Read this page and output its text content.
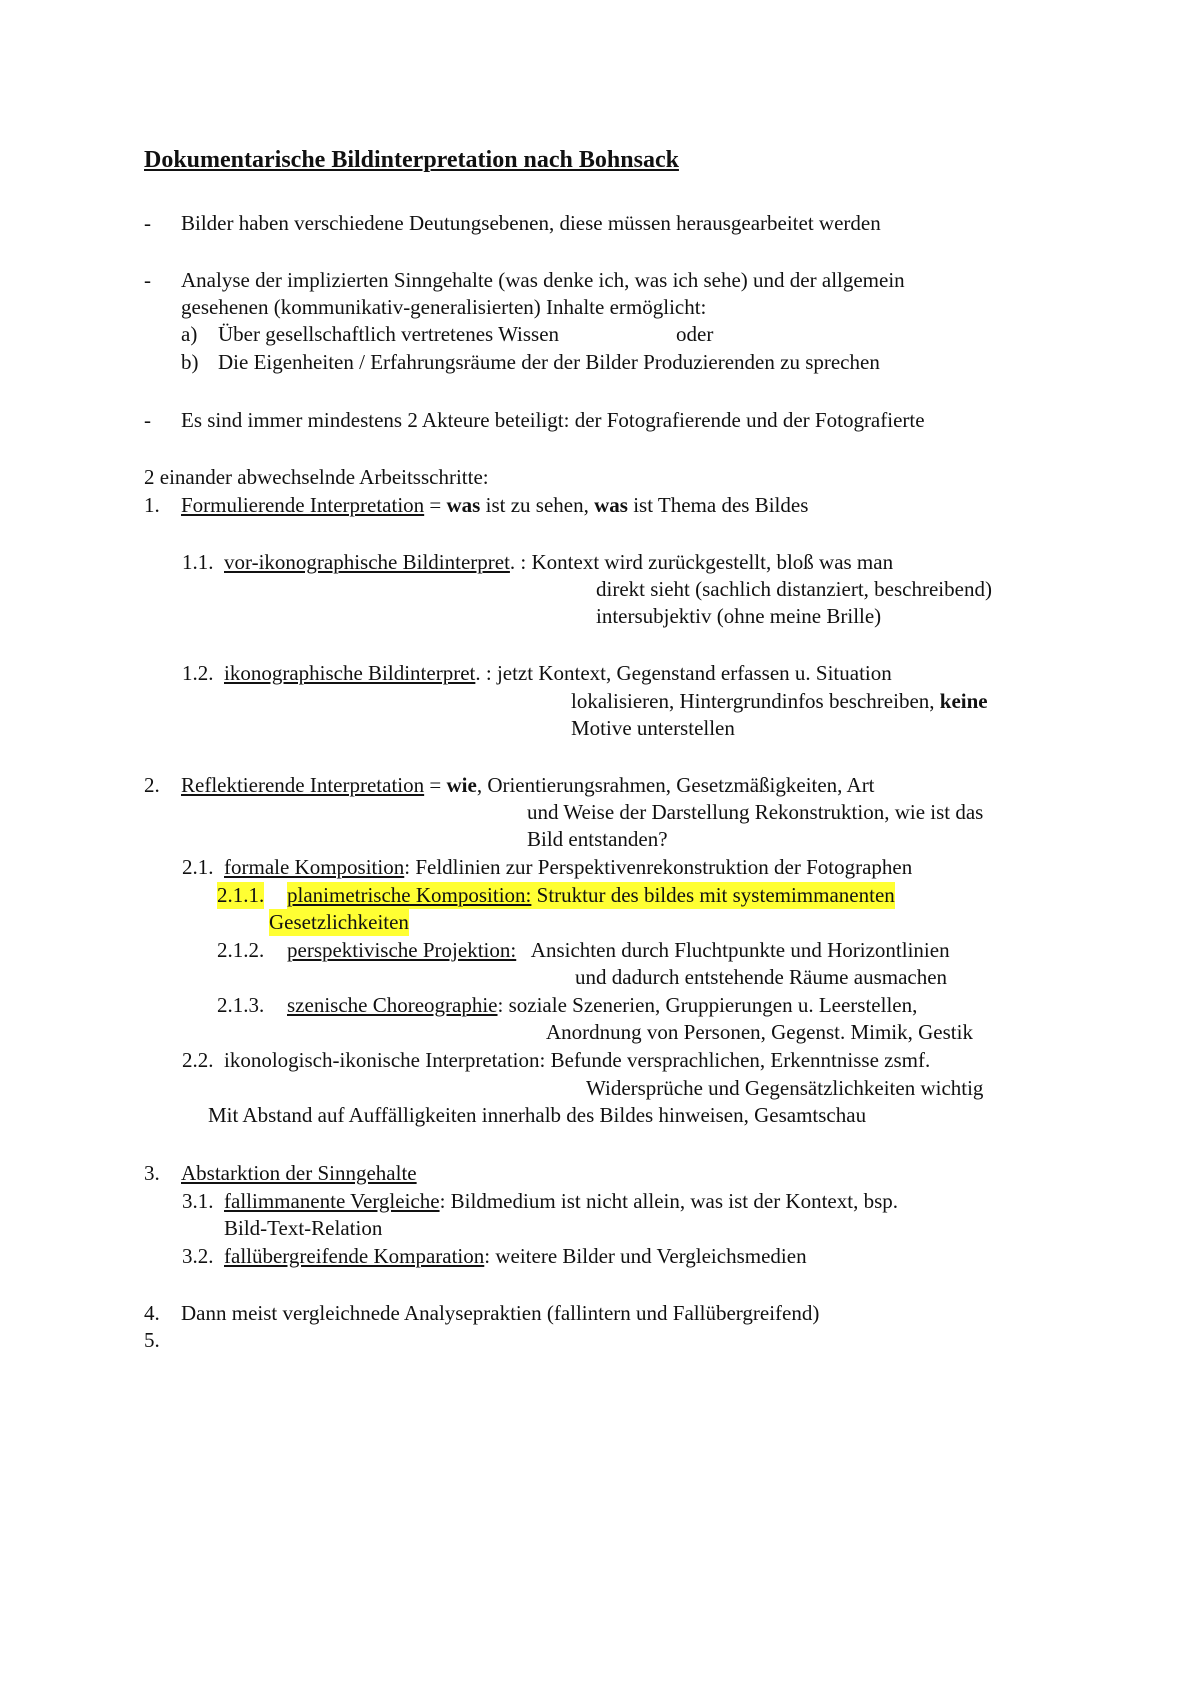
Dokumentarische Bildinterpretation nach Bohnsack
- Bilder haben verschiedene Deutungsebenen, diese müssen herausgearbeitet werden
- Analyse der implizierten Sinngehalte (was denke ich, was ich sehe) und der allgemein
gesehenen (kommunikativ-generalisierten) Inhalte ermöglicht:
a) Über gesellschaftlich vertretenes Wissen	oder
b) Die Eigenheiten / Erfahrungsräume der der Bilder Produzierenden zu sprechen
- Es sind immer mindestens 2 Akteure beteiligt: der Fotografierende und der Fotografierte
2 einander abwechselnde Arbeitsschritte:
1. Formulierende Interpretation = was ist zu sehen, was ist Thema des Bildes
1.1. vor-ikonographische Bildinterpret. : Kontext wird zurückgestellt, bloß was man
direkt sieht (sachlich distanziert, beschreibend)
intersubjektiv (ohne meine Brille)
1.2. ikonographische Bildinterpret. : jetzt Kontext, Gegenstand erfassen u. Situation
lokalisieren, Hintergrundinfos beschreiben, keine
Motive unterstellen
2. Reflektierende Interpretation = wie, Orientierungsrahmen, Gesetzmäßigkeiten, Art
und Weise der Darstellung Rekonstruktion, wie ist das
Bild entstanden?
2.1. formale Komposition: Feldlinien zur Perspektivenrekonstruktion der Fotographen
2.1.1. planimetrische Komposition: Struktur des bildes mit systemimmanenten
Gesetzlichkeiten
2.1.2. perspektivische Projektion:   Ansichten durch Fluchtpunkte und Horizontlinien
und dadurch entstehende Räume ausmachen
2.1.3. szenische Choreographie: soziale Szenerien, Gruppierungen u. Leerstellen,
Anordnung von Personen, Gegenst. Mimik, Gestik
2.2. ikonologisch-ikonische Interpretation: Befunde versprachlichen, Erkenntnisse zsmf.
Widersprüche und Gegensätzlichkeiten wichtig
Mit Abstand auf Auffälligkeiten innerhalb des Bildes hinweisen, Gesamtschau
3. Abstarktion der Sinngehalte
3.1. fallimmanente Vergleiche: Bildmedium ist nicht allein, was ist der Kontext, bsp.
Bild-Text-Relation
3.2. fallübergreifende Komparation: weitere Bilder und Vergleichsmedien
4. Dann meist vergleichnede Analysepraktien (fallintern und Fallübergreifend)
5.
